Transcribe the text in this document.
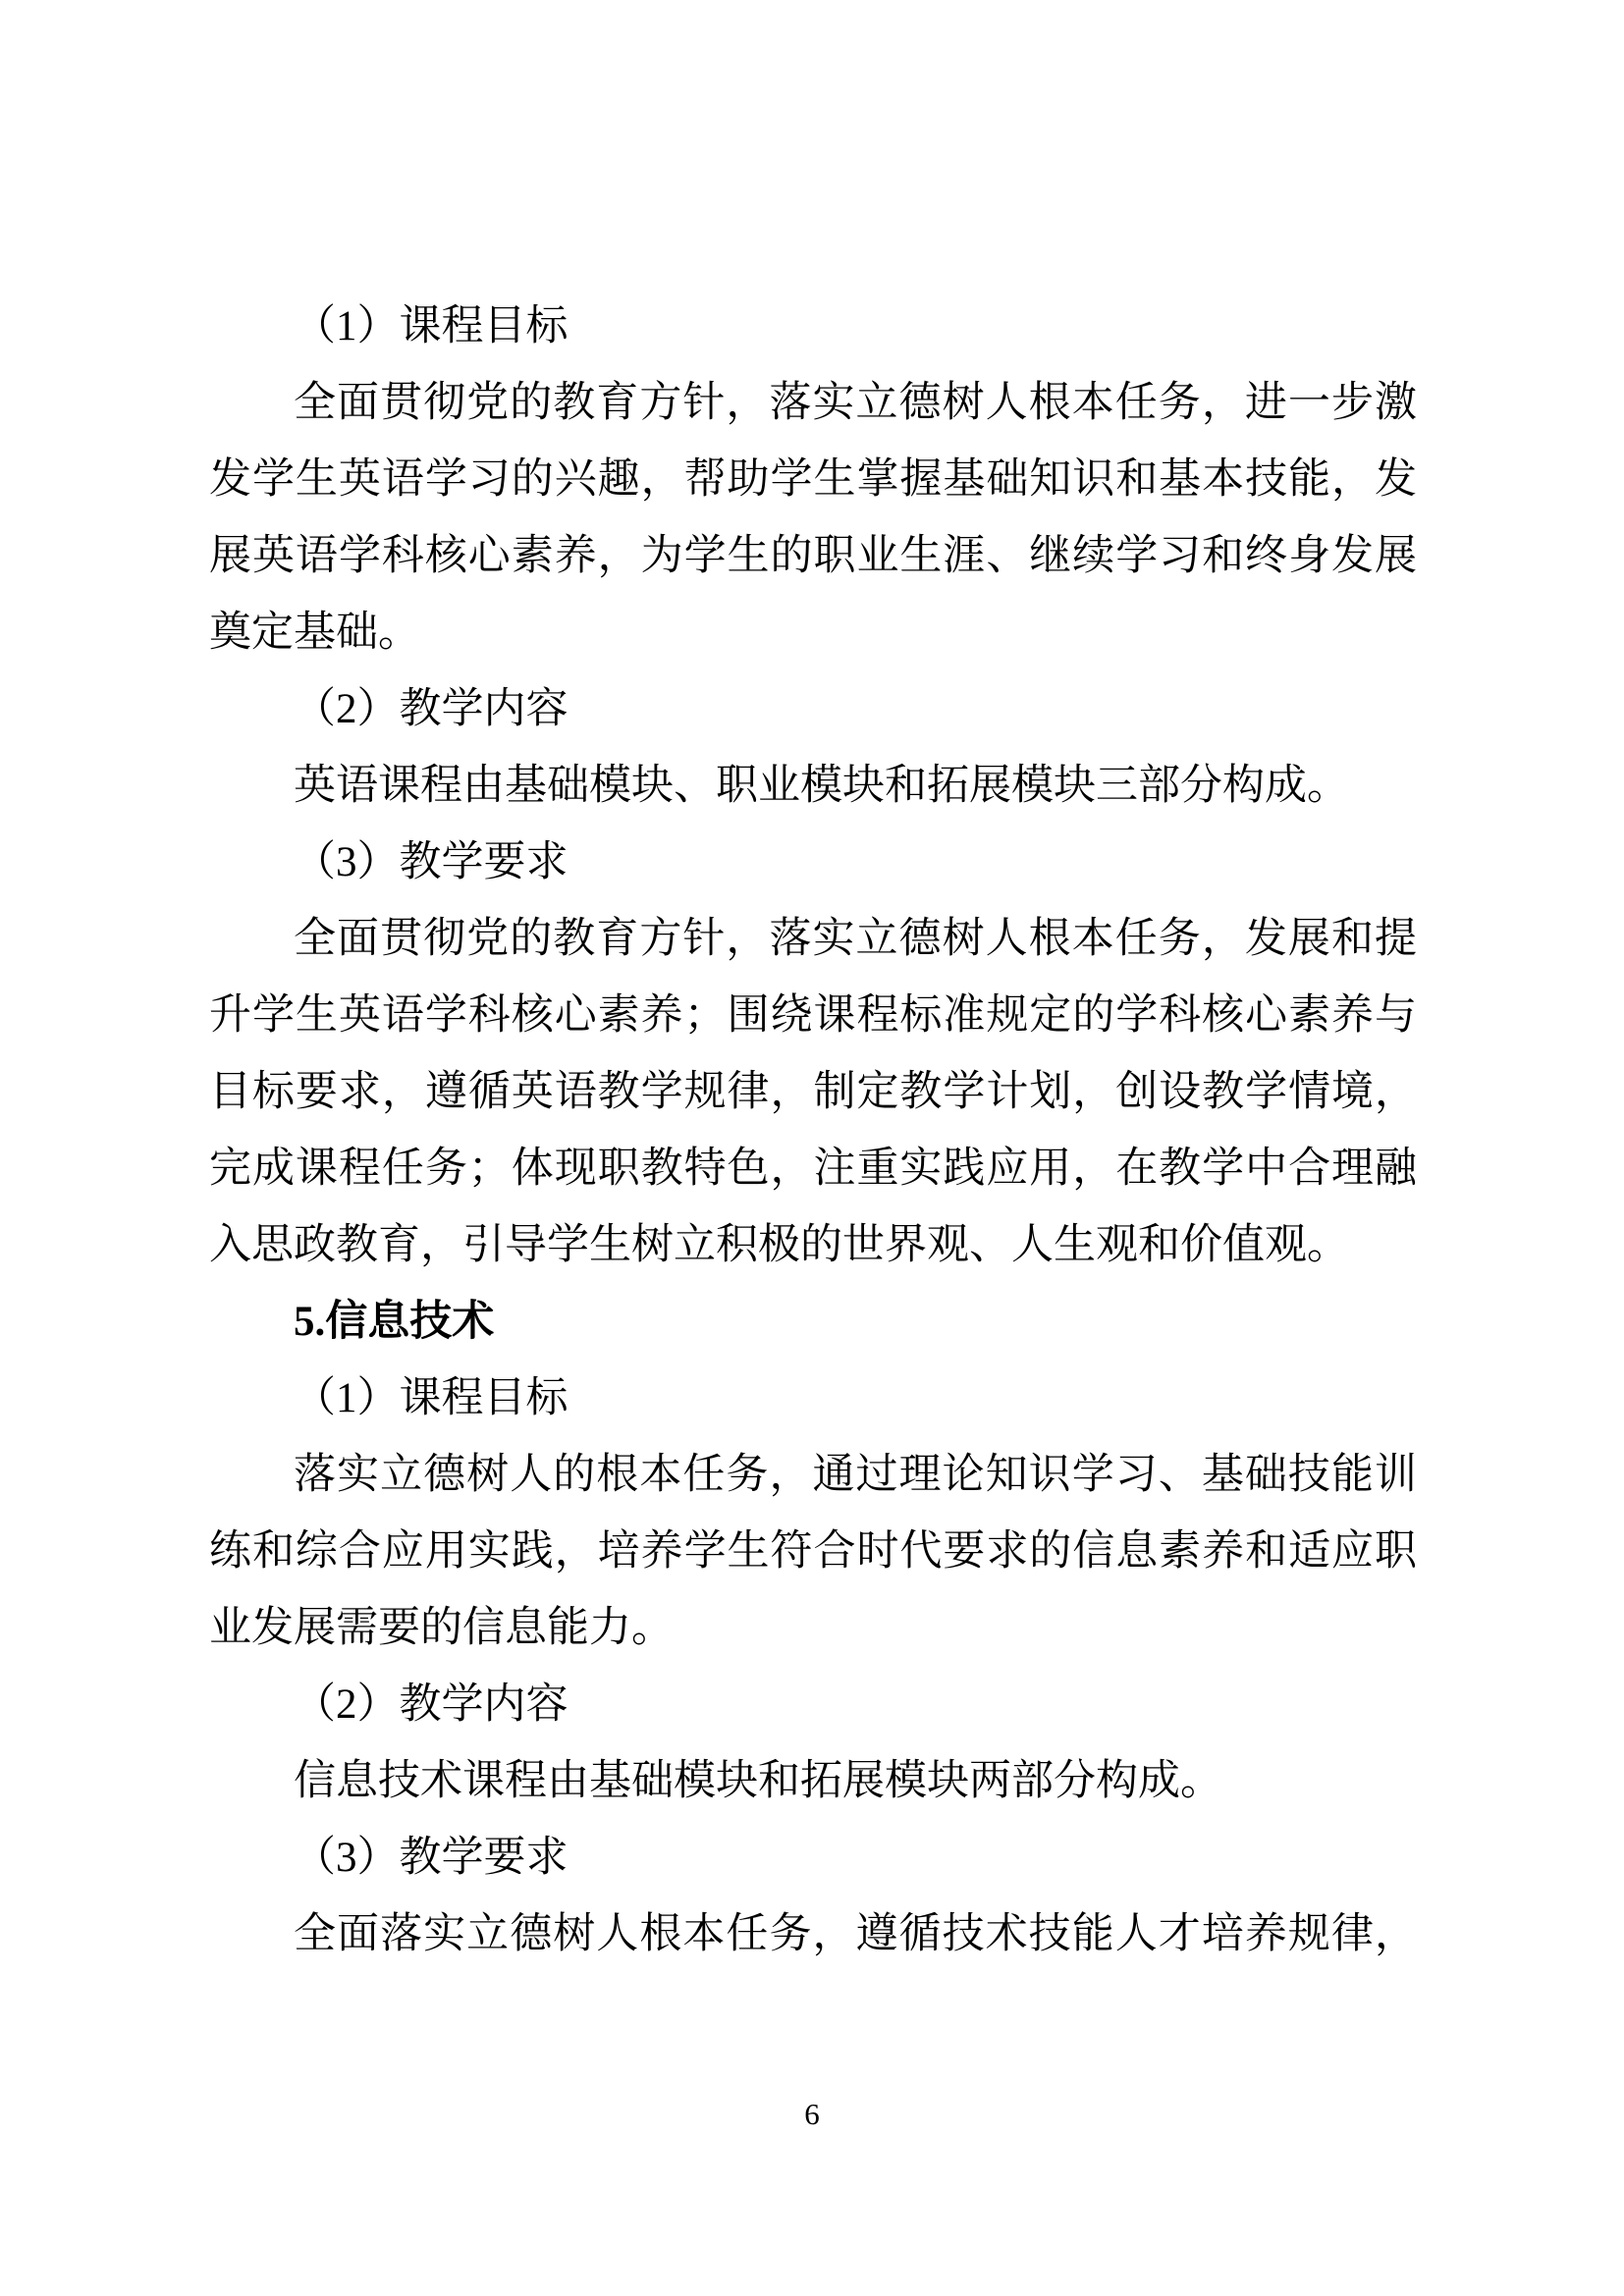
（1）课程目标
全面贯彻党的教育方针，落实立德树人根本任务，进一步激
发学生英语学习的兴趣，帮助学生掌握基础知识和基本技能，发
展英语学科核心素养，为学生的职业生涯、继续学习和终身发展
奠定基础。
（2）教学内容
英语课程由基础模块、职业模块和拓展模块三部分构成。
（3）教学要求
全面贯彻党的教育方针，落实立德树人根本任务，发展和提
升学生英语学科核心素养；围绕课程标准规定的学科核心素养与
目标要求，遵循英语教学规律，制定教学计划，创设教学情境，
完成课程任务；体现职教特色，注重实践应用，在教学中合理融
入思政教育，引导学生树立积极的世界观、人生观和价值观。
5.信息技术
（1）课程目标
落实立德树人的根本任务，通过理论知识学习、基础技能训
练和综合应用实践，培养学生符合时代要求的信息素养和适应职
业发展需要的信息能力。
（2）教学内容
信息技术课程由基础模块和拓展模块两部分构成。
（3）教学要求
全面落实立德树人根本任务，遵循技术技能人才培养规律，
6
